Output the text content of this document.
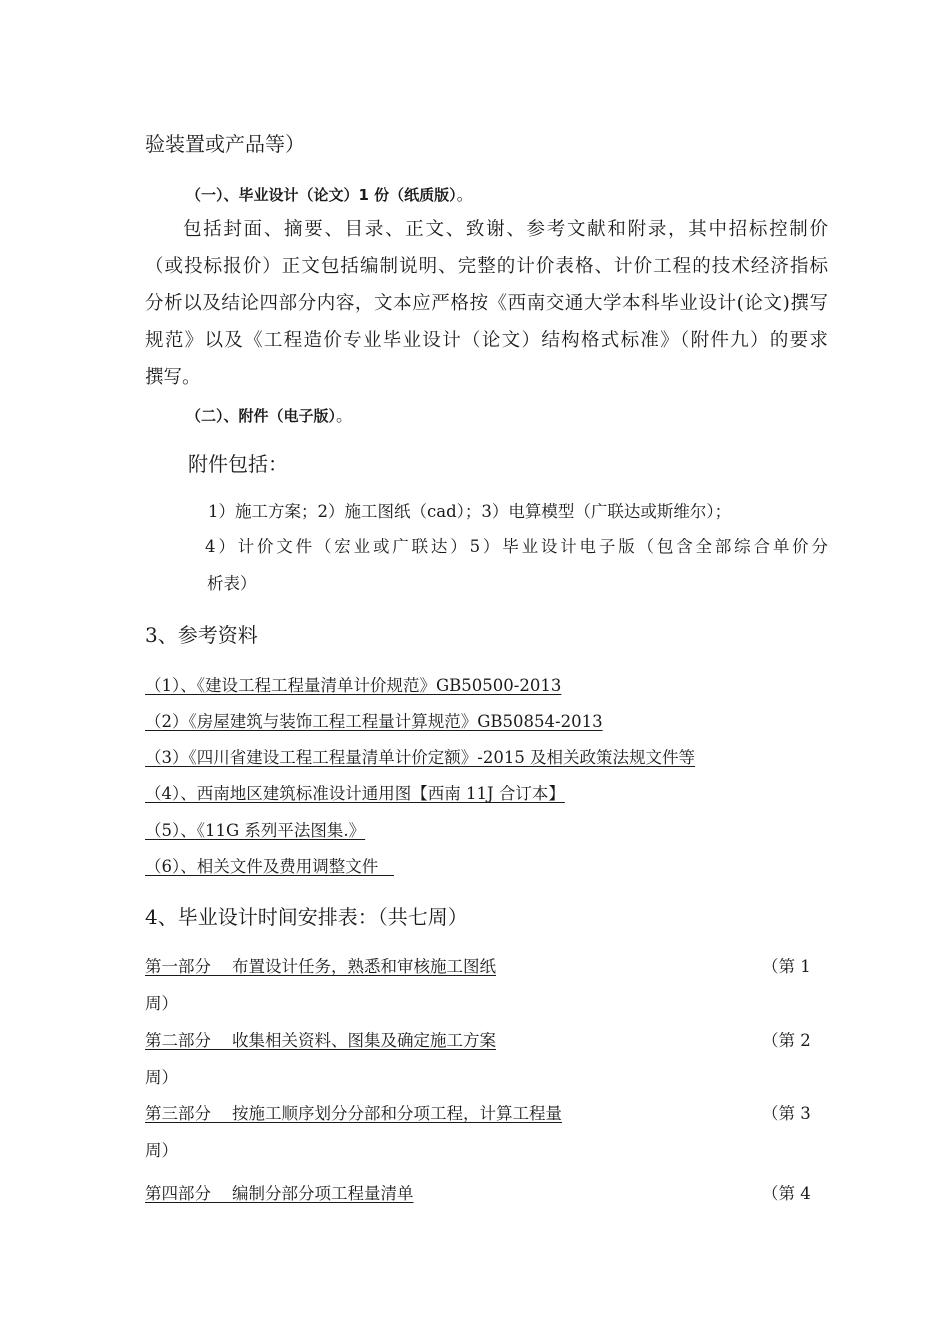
验装置或产品等）
（一）、毕业设计（论文）1 份（纸质版）。
包括封面、摘要、目录、正文、致谢、参考文献和附录，其中招标控制价
（或投标报价）正文包括编制说明、完整的计价表格、计价工程的技术经济指标
分析以及结论四部分内容，文本应严格按《西南交通大学本科毕业设计(论文)撰写
规范》以及《工程造价专业毕业设计（论文）结构格式标准》（附件九）的要求
撰写。
（二）、附件（电子版）。
附件包括：
1）施工方案；2）施工图纸（cad）；3）电算模型（广联达或斯维尔）；
4）计价文件（宏业或广联达）5）毕业设计电子版（包含全部综合单价分
析表）
3、参考资料
（1）、《建设工程工程量清单计价规范》GB50500-2013
（2）《房屋建筑与装饰工程工程量计算规范》GB50854-2013
（3）《四川省建设工程工程量清单计价定额》-2015 及相关政策法规文件等
（4）、西南地区建筑标准设计通用图【西南 11J 合订本】
（5）、《11G 系列平法图集.》
（6）、相关文件及费用调整文件
4、毕业设计时间安排表：（共七周）
第一部分    布置设计任务，熟悉和审核施工图纸	（第 1
周）
第二部分    收集相关资料、图集及确定施工方案	（第 2
周）
第三部分    按施工顺序划分分部和分项工程，计算工程量	（第 3
周）
第四部分    编制分部分项工程量清单	（第 4
